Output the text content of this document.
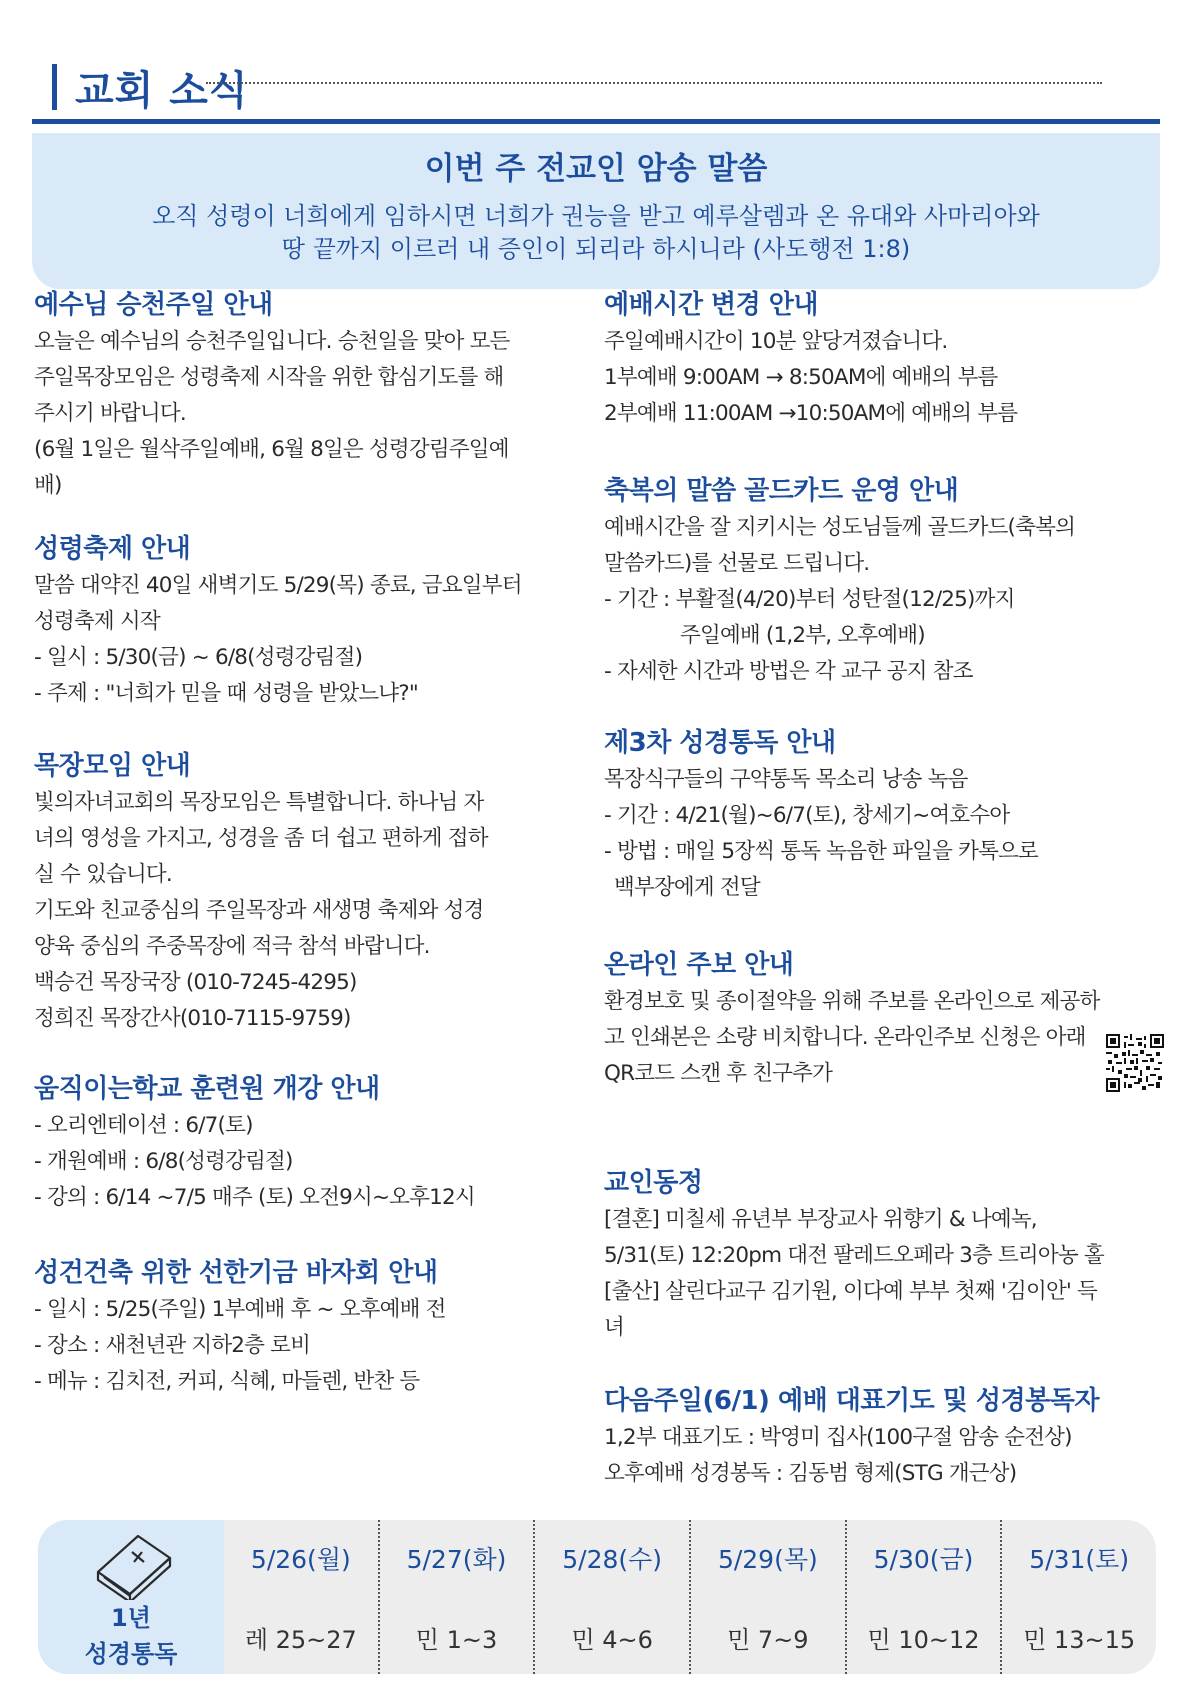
교회 소식
이번 주 전교인 암송 말씀
오직 성령이 너희에게 임하시면 너희가 권능을 받고 예루살렘과 온 유대와 사마리아와
땅 끝까지 이르러 내 증인이 되리라 하시니라 (사도행전 1:8)
예수님 승천주일 안내
오늘은 예수님의 승천주일입니다. 승천일을 맞아 모든
주일목장모임은 성령축제 시작을 위한 합심기도를 해
주시기 바랍니다.
(6월 1일은 월삭주일예배, 6월 8일은 성령강림주일예
배)
성령축제 안내
말씀 대약진 40일 새벽기도 5/29(목) 종료, 금요일부터
성령축제 시작
- 일시 : 5/30(금) ~ 6/8(성령강림절)
- 주제 : "너희가 믿을 때 성령을 받았느냐?"
목장모임 안내
빛의자녀교회의 목장모임은 특별합니다. 하나님 자
녀의 영성을 가지고, 성경을 좀 더 쉽고 편하게 접하
실 수 있습니다.
기도와 친교중심의 주일목장과 새생명 축제와 성경
양육 중심의 주중목장에 적극 참석 바랍니다.
백승건 목장국장 (010-7245-4295)
정희진 목장간사(010-7115-9759)
움직이는학교 훈련원 개강 안내
- 오리엔테이션 : 6/7(토)
- 개원예배 : 6/8(성령강림절)
- 강의 : 6/14 ~7/5 매주 (토) 오전9시~오후12시
성건건축 위한 선한기금 바자회 안내
- 일시 : 5/25(주일) 1부예배 후 ~ 오후예배 전
- 장소 : 새천년관 지하2층 로비
- 메뉴 : 김치전, 커피, 식혜, 마들렌, 반찬 등
예배시간 변경 안내
주일예배시간이 10분 앞당겨졌습니다.
1부예배 9:00AM → 8:50AM에 예배의 부름
2부예배 11:00AM →10:50AM에 예배의 부름
축복의 말씀 골드카드 운영 안내
예배시간을 잘 지키시는 성도님들께 골드카드(축복의
말씀카드)를 선물로 드립니다.
- 기간 : 부활절(4/20)부터 성탄절(12/25)까지
주일예배 (1,2부, 오후예배)
- 자세한 시간과 방법은 각 교구 공지 참조
제3차 성경통독 안내
목장식구들의 구약통독 목소리 낭송 녹음
- 기간 : 4/21(월)~6/7(토), 창세기~여호수아
- 방법 : 매일 5장씩 통독 녹음한 파일을 카톡으로
백부장에게 전달
온라인 주보 안내
환경보호 및 종이절약을 위해 주보를 온라인으로 제공하
고 인쇄본은 소량 비치합니다. 온라인주보 신청은 아래
QR코드 스캔 후 친구추가
교인동정
[결혼] 미칠세 유년부 부장교사 위향기 & 나예녹,
5/31(토) 12:20pm 대전 팔레드오페라 3층 트리아농 홀
[출산] 살린다교구 김기원, 이다예 부부 첫째 '김이안' 득
녀
다음주일(6/1) 예배 대표기도 및 성경봉독자
1,2부 대표기도 : 박영미 집사(100구절 암송 순전상)
오후예배 성경봉독 : 김동범 형제(STG 개근상)
1년
성경통독
5/26(월)
레 25~27
5/27(화)
민 1~3
5/28(수)
민 4~6
5/29(목)
민 7~9
5/30(금)
민 10~12
5/31(토)
민 13~15
